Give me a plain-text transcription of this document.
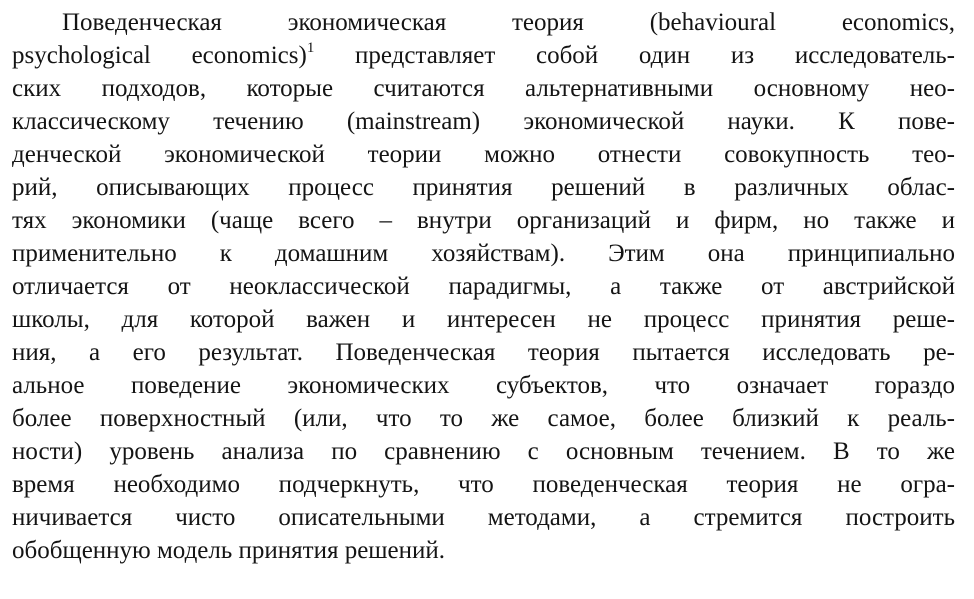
Поведенческая экономическая теория (behavioural economics,
psychological economics)$^1$ представляет собой один из исследователь-
ских подходов, которые считаются альтернативными основному нео-
классическому течению (mainstream) экономической науки. К пове-
денческой экономической теории можно отнести совокупность тео-
рий, описывающих процесс принятия решений в различных облас-
тях экономики (чаще всего – внутри организаций и фирм, но также и
применительно к домашним хозяйствам). Этим она принципиально
отличается от неоклассической парадигмы, а также от австрийской
школы, для которой важен и интересен не процесс принятия реше-
ния, а его результат. Поведенческая теория пытается исследовать ре-
альное поведение экономических субъектов, что означает гораздо
более поверхностный (или, что то же самое, более близкий к реаль-
ности) уровень анализа по сравнению с основным течением. В то же
время необходимо подчеркнуть, что поведенческая теория не огра-
ничивается чисто описательными методами, а стремится построить
обобщенную модель принятия решений.
